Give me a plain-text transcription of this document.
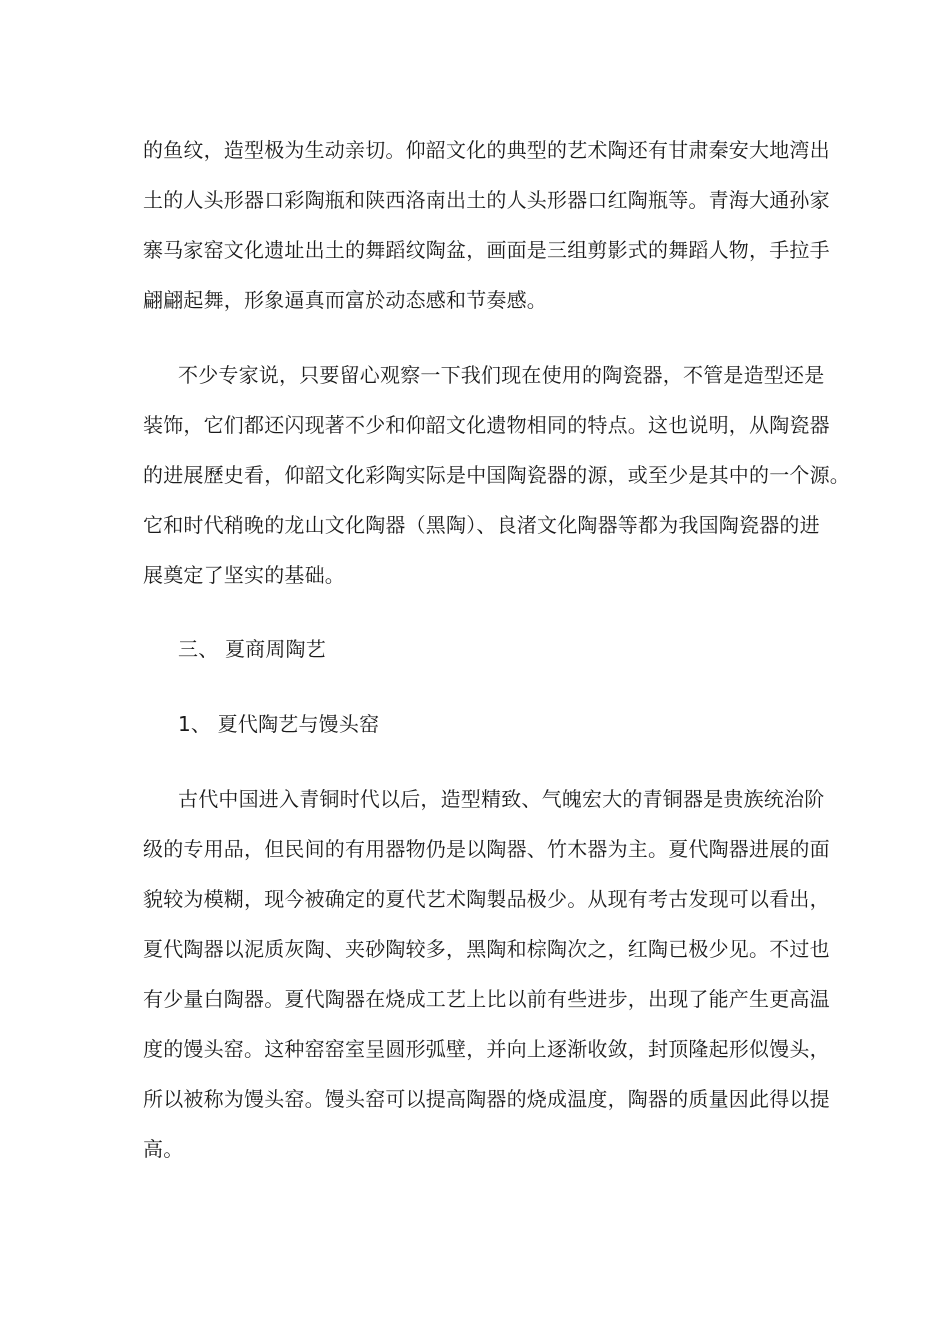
的鱼纹，造型极为生动亲切。仰韶文化的典型的艺术陶还有甘肃秦安大地湾出
土的人头形器口彩陶瓶和陕西洛南出土的人头形器口红陶瓶等。青海大通孙家
寨马家窑文化遗址出土的舞蹈纹陶盆，画面是三组剪影式的舞蹈人物，手拉手
翩翩起舞，形象逼真而富於动态感和节奏感。
不少专家说，只要留心观察一下我们现在使用的陶瓷器，不管是造型还是
装饰，它们都还闪现著不少和仰韶文化遗物相同的特点。这也说明，从陶瓷器
的进展歷史看，仰韶文化彩陶实际是中国陶瓷器的源，或至少是其中的一个源。
它和时代稍晚的龙山文化陶器（黑陶）、良渚文化陶器等都为我国陶瓷器的进
展奠定了坚实的基础。
三、 夏商周陶艺
1、 夏代陶艺与馒头窑
古代中国进入青铜时代以后，造型精致、气魄宏大的青铜器是贵族统治阶
级的专用品，但民间的有用器物仍是以陶器、竹木器为主。夏代陶器进展的面
貌较为模糊，现今被确定的夏代艺术陶製品极少。从现有考古发现可以看出，
夏代陶器以泥质灰陶、夹砂陶较多，黑陶和棕陶次之，红陶已极少见。不过也
有少量白陶器。夏代陶器在烧成工艺上比以前有些进步，出现了能产生更高温
度的馒头窑。这种窑窑室呈圆形弧壁，并向上逐渐收敛，封顶隆起形似馒头，
所以被称为馒头窑。馒头窑可以提高陶器的烧成温度，陶器的质量因此得以提
高。
